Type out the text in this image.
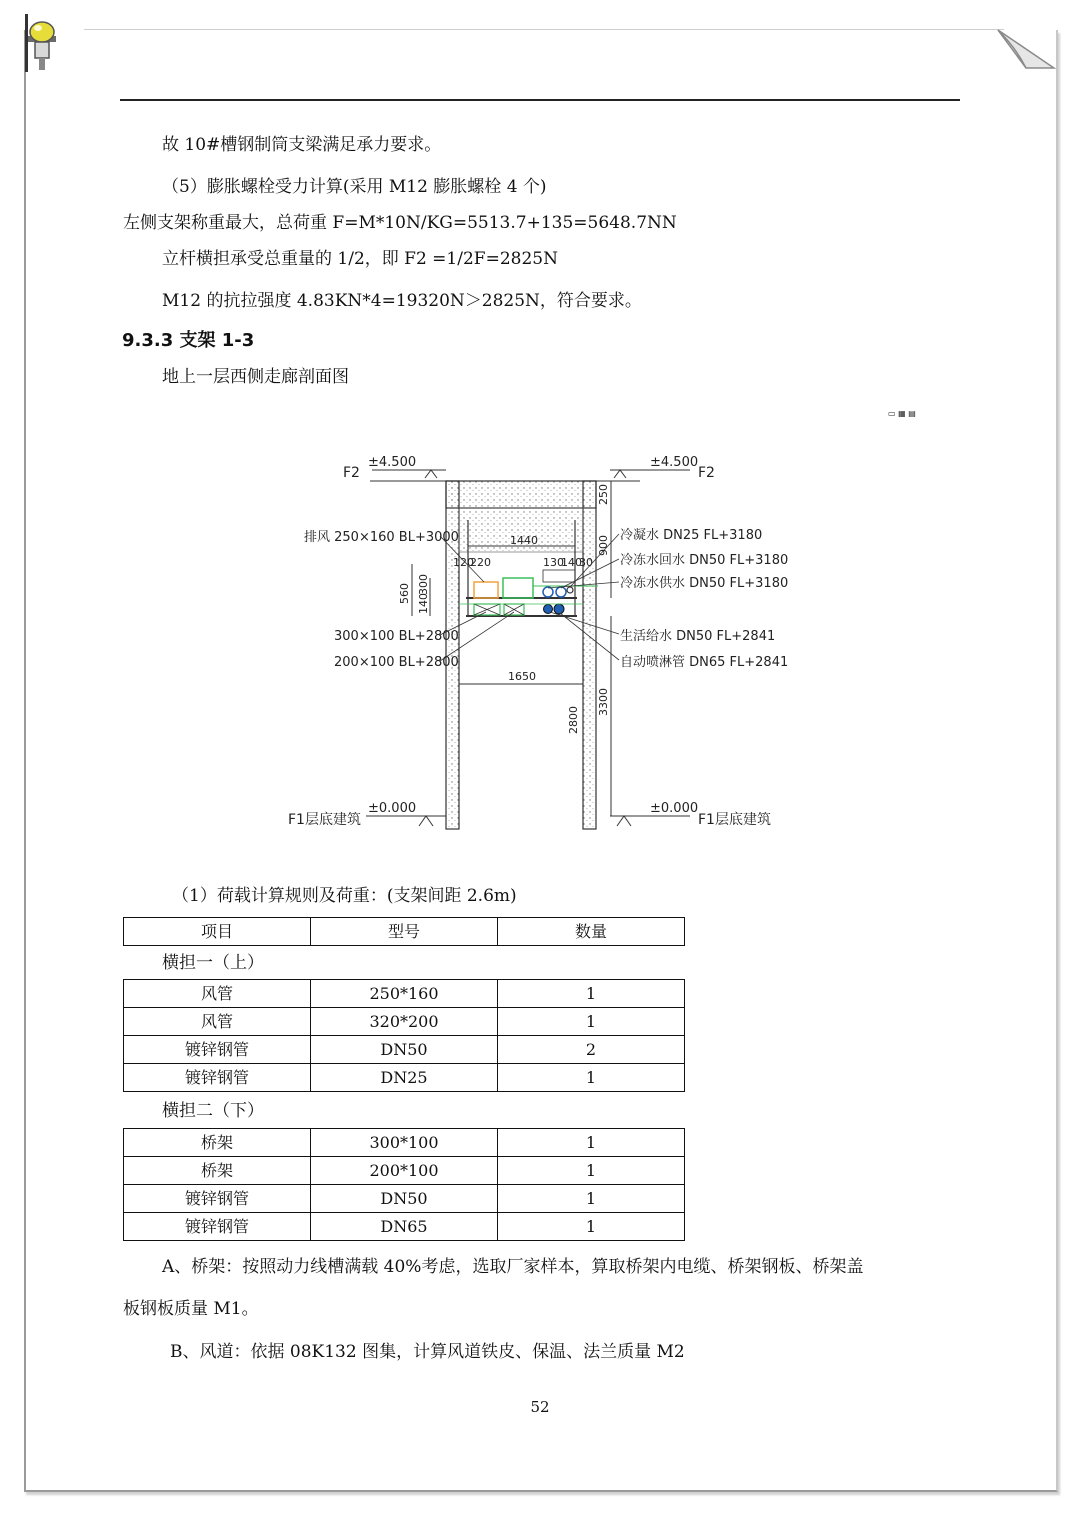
故 10#槽钢制筒支梁满足承力要求。
（5）膨胀螺栓受力计算(采用 M12 膨胀螺栓 4 个)
左侧支架称重最大，总荷重 F=M*10N/KG=5513.7+135=5648.7NN
立杆横担承受总重量的 1/2，即 F2 =1/2F=2825N
M12 的抗拉强度 4.83KN*4=19320N＞2825N，符合要求。
9.3.3 支架 1-3
地上一层西侧走廊剖面图
▭ ▦ ▤
±4.500
F2
±4.500
F2
±0.000
F1层底建筑
±0.000
F1层底建筑
250
900
3300
2800
560 300
140
1440
120
220	130
140
30
1650
排风 250×160 BL+3000
300×100 BL+2800
200×100 BL+2800
冷凝水 DN25 FL+3180
冷冻水回水 DN50 FL+3180
冷冻水供水 DN50 FL+3180
生活给水 DN50 FL+2841
自动喷淋管 DN65 FL+2841
（1）荷载计算规则及荷重：(支架间距 2.6m)
项目	型号	数量
横担一（上）
风管	250*160	1
风管	320*200	1
镀锌钢管	DN50	2
镀锌钢管	DN25	1
横担二（下）
桥架	300*100	1
桥架	200*100	1
镀锌钢管	DN50	1
镀锌钢管	DN65	1
A、桥架：按照动力线槽满载 40%考虑，选取厂家样本，算取桥架内电缆、桥架钢板、桥架盖
板钢板质量 M1。
B、风道：依据 08K132 图集，计算风道铁皮、保温、法兰质量 M2
52
